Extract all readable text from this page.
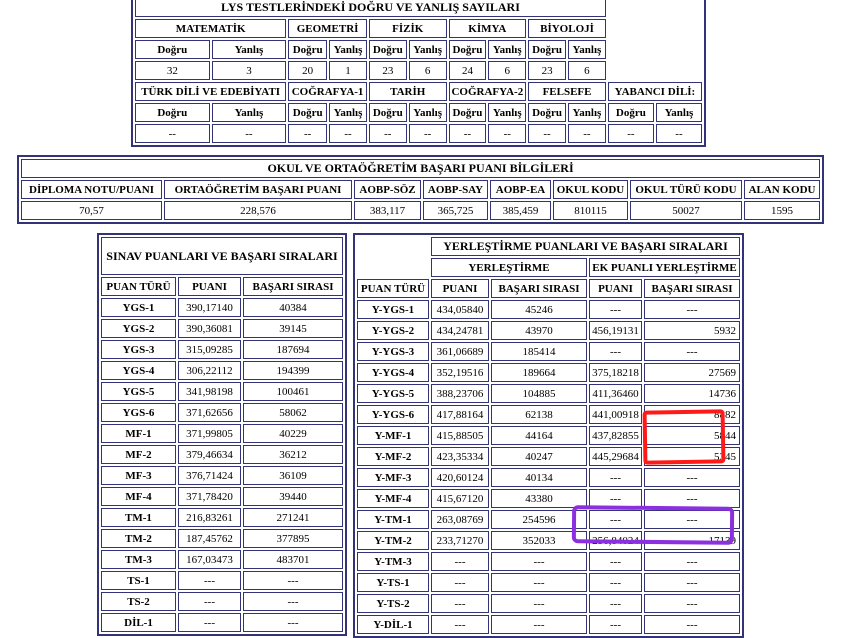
LYS TESTLERİNDEKİ DOĞRU VE YANLIŞ SAYILARI											
MATEMATİK		GEOMETRİ		FİZİK		KİMYA		BİYOLOJİ			
Doğru	Yanlış	Doğru	Yanlış	Doğru	Yanlış	Doğru	Yanlış	Doğru	Yanlış		
32	3	20	1	23	6	24	6	23	6		
TÜRK DİLİ VE EDEBİYATI		COĞRAFYA-1		TARİH		COĞRAFYA-2		FELSEFE		YABANCI DİLİ:	
Doğru	Yanlış	Doğru	Yanlış	Doğru	Yanlış	Doğru	Yanlış	Doğru	Yanlış	Doğru	Yanlış
--	--	--	--	--	--	--	--	--	--	--	--
OKUL VE ORTAÖĞRETİM BAŞARI PUANI BİLGİLERİ							
DİPLOMA NOTU/PUANI	ORTAÖĞRETİM BAŞARI PUANI	AOBP-SÖZ	AOBP-SAY	AOBP-EA	OKUL KODU	OKUL TÜRÜ KODU	ALAN KODU
70,57	228,576	383,117	365,725	385,459	810115	50027	1595
SINAV PUANLARI VE BAŞARI SIRALARI		
PUAN TÜRÜ	PUANI	BAŞARI SIRASI
YGS-1	390,17140	40384
YGS-2	390,36081	39145
YGS-3	315,09285	187694
YGS-4	306,22112	194399
YGS-5	341,98198	100461
YGS-6	371,62656	58062
MF-1	371,99805	40229
MF-2	379,46634	36212
MF-3	376,71424	36109
MF-4	371,78420	39440
TM-1	216,83261	271241
TM-2	187,45762	377895
TM-3	167,03473	483701
TS-1	---	---
TS-2	---	---
DİL-1	---	---
	YERLEŞTİRME PUANLARI VE BAŞARI SIRALARI			
	YERLEŞTİRME		EK PUANLI YERLEŞTİRME	
PUAN TÜRÜ	PUANI	BAŞARI SIRASI	PUANI	BAŞARI SIRASI
Y-YGS-1	434,05840	45246	---	---
Y-YGS-2	434,24781	43970	456,19131	5932
Y-YGS-3	361,06689	185414	---	---
Y-YGS-4	352,19516	189664	375,18218	27569
Y-YGS-5	388,23706	104885	411,36460	14736
Y-YGS-6	417,88164	62138	441,00918	8882
Y-MF-1	415,88505	44164	437,82855	5844
Y-MF-2	423,35334	40247	445,29684	5345
Y-MF-3	420,60124	40134	---	---
Y-MF-4	415,67120	43380	---	---
Y-TM-1	263,08769	254596	---	---
Y-TM-2	233,71270	352033	256,84024	17139
Y-TM-3	---	---	---	---
Y-TS-1	---	---	---	---
Y-TS-2	---	---	---	---
Y-DİL-1	---	---	---	---
